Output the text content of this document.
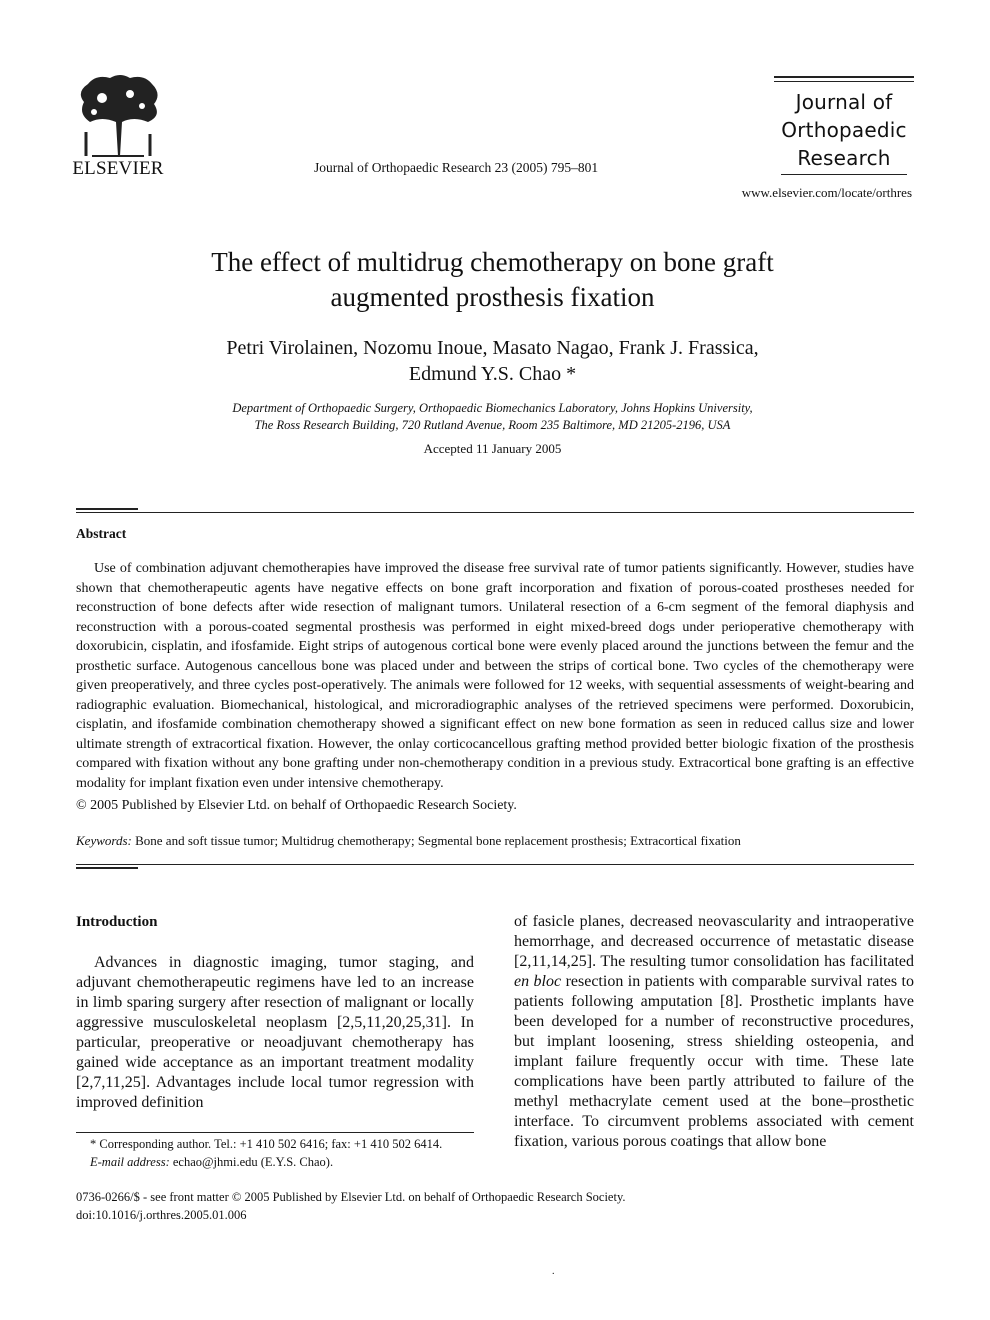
ELSEVIER	Journal of Orthopaedic Research 23 (2005) 795–801
Journal of
Orthopaedic
Research
www.elsevier.com/locate/orthres
The effect of multidrug chemotherapy on bone graft
augmented prosthesis fixation
Petri Virolainen, Nozomu Inoue, Masato Nagao, Frank J. Frassica,
Edmund Y.S. Chao *
Department of Orthopaedic Surgery, Orthopaedic Biomechanics Laboratory, Johns Hopkins University,
The Ross Research Building, 720 Rutland Avenue, Room 235 Baltimore, MD 21205-2196, USA
Accepted 11 January 2005
Abstract
Use of combination adjuvant chemotherapies have improved the disease free survival rate of tumor patients significantly. However, studies have shown that chemotherapeutic agents have negative effects on bone graft incorporation and fixation of porous-coated prostheses needed for reconstruction of bone defects after wide resection of malignant tumors. Unilateral resection of a 6-cm segment of the femoral diaphysis and reconstruction with a porous-coated segmental prosthesis was performed in eight mixed-breed dogs under perioperative chemotherapy with doxorubicin, cisplatin, and ifosfamide. Eight strips of autogenous cortical bone were evenly placed around the junctions between the femur and the prosthetic surface. Autogenous cancellous bone was placed under and between the strips of cortical bone. Two cycles of the chemotherapy were given preoperatively, and three cycles post-operatively. The animals were followed for 12 weeks, with sequential assessments of weight-bearing and radiographic evaluation. Biomechanical, histological, and microradiographic analyses of the retrieved specimens were performed. Doxorubicin, cisplatin, and ifosfamide combination chemotherapy showed a significant effect on new bone formation as seen in reduced callus size and lower ultimate strength of extracortical fixation. However, the onlay corticocancellous grafting method provided better biologic fixation of the prosthesis compared with fixation without any bone grafting under non-chemotherapy condition in a previous study. Extracortical bone grafting is an effective modality for implant fixation even under intensive chemotherapy.
© 2005 Published by Elsevier Ltd. on behalf of Orthopaedic Research Society.
Keywords: Bone and soft tissue tumor; Multidrug chemotherapy; Segmental bone replacement prosthesis; Extracortical fixation
Introduction

Advances in diagnostic imaging, tumor staging, and adjuvant chemotherapeutic regimens have led to an increase in limb sparing surgery after resection of malignant or locally aggressive musculoskeletal neoplasm [2,5,11,20,25,31]. In particular, preoperative or neoadjuvant chemotherapy has gained wide acceptance as an important treatment modality [2,7,11,25]. Advantages include local tumor regression with improved definition

of fasicle planes, decreased neovascularity and intraoperative hemorrhage, and decreased occurrence of metastatic disease [2,11,14,25]. The resulting tumor consolidation has facilitated en bloc resection in patients with comparable survival rates to patients following amputation [8]. Prosthetic implants have been developed for a number of reconstructive procedures, but implant loosening, stress shielding osteopenia, and implant failure frequently occur with time. These late complications have been partly attributed to failure of the methyl methacrylate cement used at the bone–prosthetic interface. To circumvent problems associated with cement fixation, various porous coatings that allow bone

* Corresponding author. Tel.: +1 410 502 6416; fax: +1 410 502 6414.
E-mail address: echao@jhmi.edu (E.Y.S. Chao).
0736-0266/$ - see front matter © 2005 Published by Elsevier Ltd. on behalf of Orthopaedic Research Society.
doi:10.1016/j.orthres.2005.01.006
.
